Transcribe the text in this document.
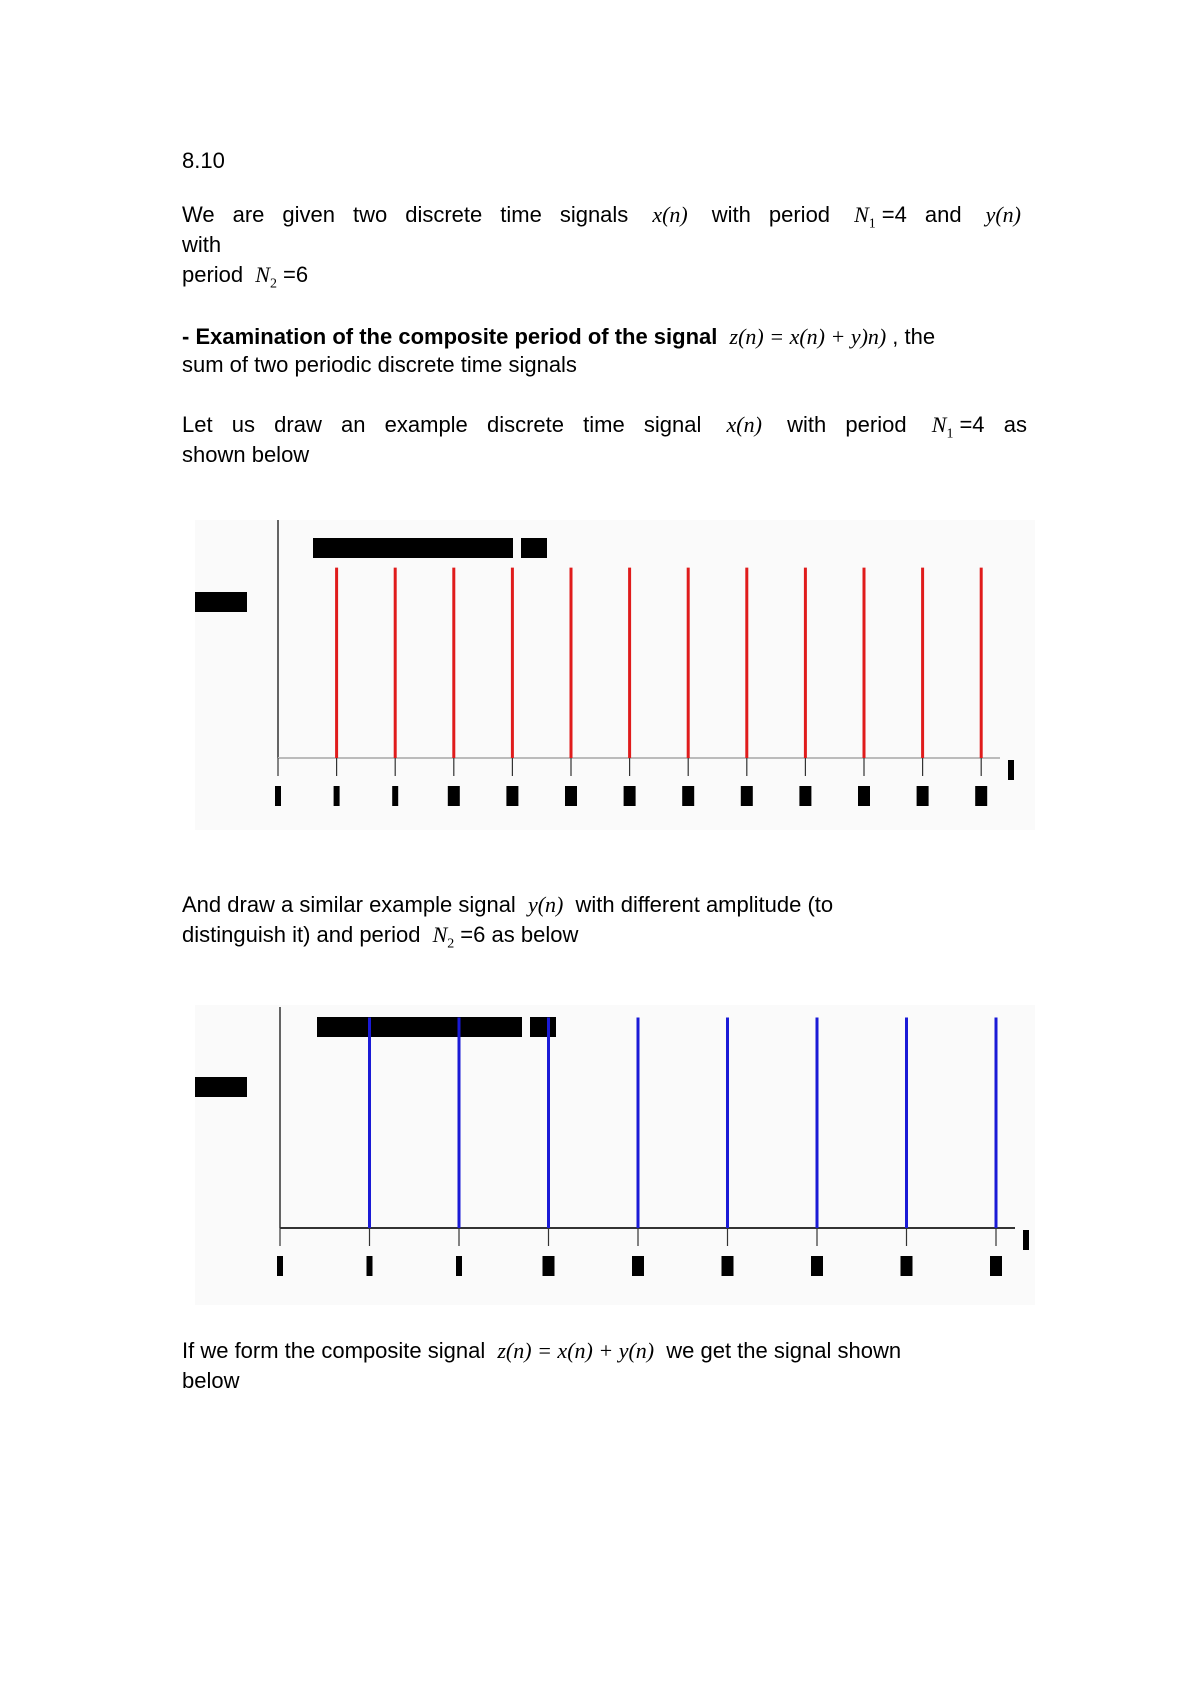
8.10
We are given two discrete time signals x(n) with period $N_1 =4$ and y(n)
with
period $N_2 =6$
- Examination of the composite period of the signal z(n) = x(n) + y)n) , the
sum of two periodic discrete time signals
Let us draw an example discrete time signal x(n) with period $N_1 =4$ as
shown below
And draw a similar example signal y(n) with different amplitude (to
distinguish it) and period $N_2 =6$ as below
If we form the composite signal z(n) = x(n) + y(n) we get the signal shown
below
